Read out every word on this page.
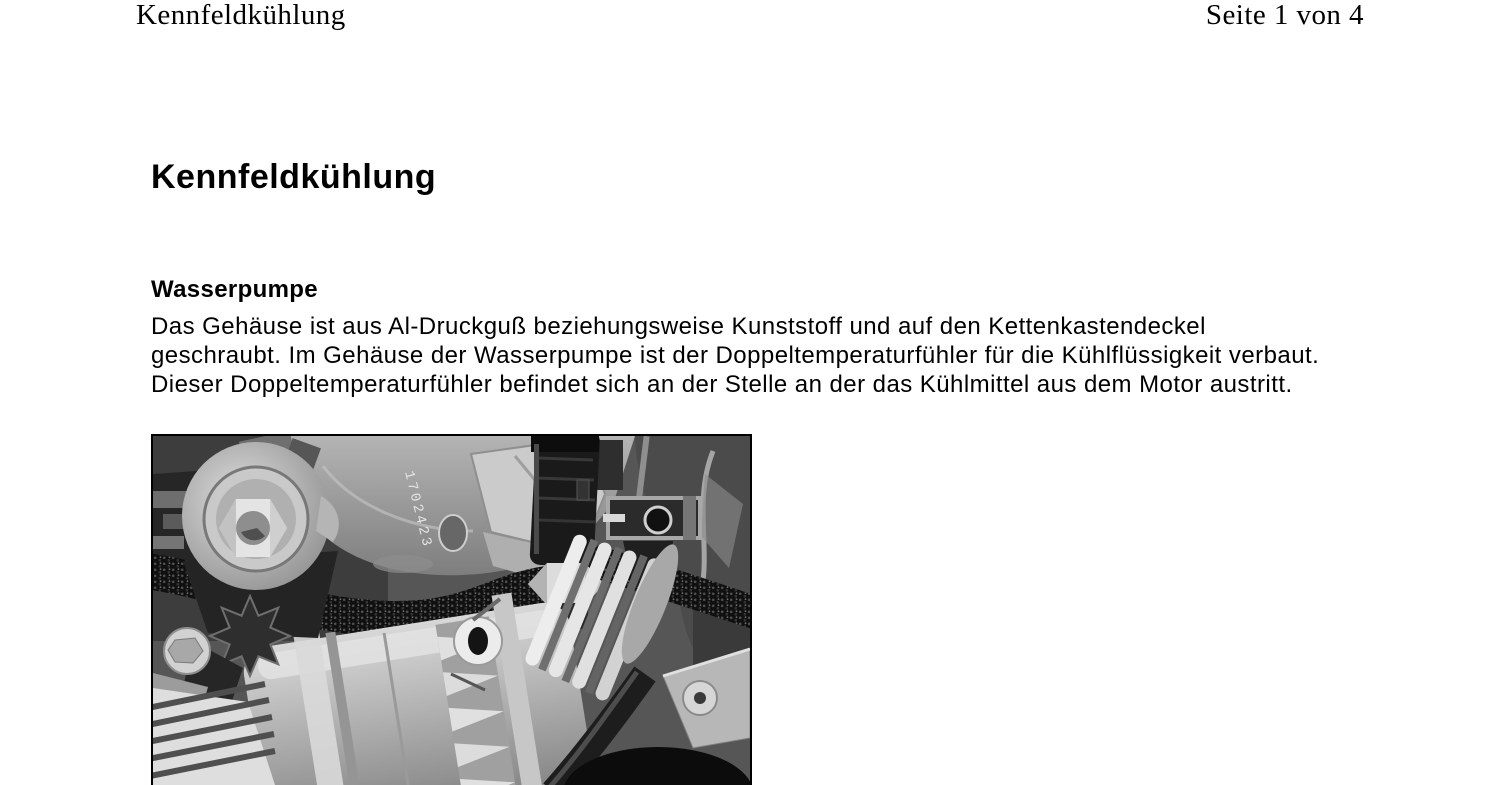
Kennfeldkühlung	Seite 1 von 4
Kennfeldkühlung
Wasserpumpe
Das Gehäuse ist aus Al-Druckguß beziehungsweise Kunststoff und auf den Kettenkastendeckel
geschraubt. Im Gehäuse der Wasserpumpe ist der Doppeltemperaturfühler für die Kühlflüssigkeit verbaut.
Dieser Doppeltemperaturfühler befindet sich an der Stelle an der das Kühlmittel aus dem Motor austritt.
1702423
